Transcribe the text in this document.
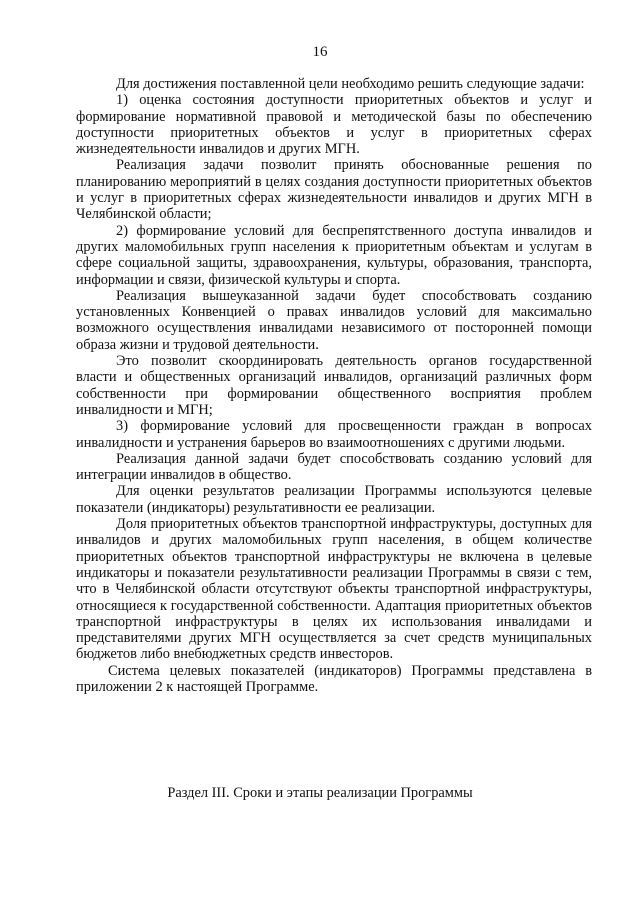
16

Для достижения поставленной цели необходимо решить следующие задачи:

1) оценка состояния доступности приоритетных объектов и услуг и формирование нормативной правовой и методической базы по обеспечению доступности приоритетных объектов и услуг в приоритетных сферах жизнедеятельности инвалидов и других МГН.

Реализация задачи позволит принять обоснованные решения по планированию мероприятий в целях создания доступности приоритетных объектов и услуг в приоритетных сферах жизнедеятельности инвалидов и других МГН в Челябинской области;

2) формирование условий для беспрепятственного доступа инвалидов и других маломобильных групп населения к приоритетным объектам и услугам в сфере социальной защиты, здравоохранения, культуры, образования, транспорта, информации и связи, физической культуры и спорта.

Реализация вышеуказанной задачи будет способствовать созданию установленных Конвенцией о правах инвалидов условий для максимально возможного осуществления инвалидами независимого от посторонней помощи образа жизни и трудовой деятельности.

Это позволит скоординировать деятельность органов государственной власти и общественных организаций инвалидов, организаций различных форм собственности при формировании общественного восприятия проблем инвалидности и МГН;

3) формирование условий для просвещенности граждан в вопросах инвалидности и устранения барьеров во взаимоотношениях с другими людьми.

Реализация данной задачи будет способствовать созданию условий для интеграции инвалидов в общество.

Для оценки результатов реализации Программы используются целевые показатели (индикаторы) результативности ее реализации.

Доля приоритетных объектов транспортной инфраструктуры, доступных для инвалидов и других маломобильных групп населения, в общем количестве приоритетных объектов транспортной инфраструктуры не включена в целевые индикаторы и показатели результативности реализации Программы в связи с тем, что в Челябинской области отсутствуют объекты транспортной инфраструктуры, относящиеся к государственной собственности. Адаптация приоритетных объектов транспортной инфраструктуры в целях их использования инвалидами и представителями других МГН осуществляется за счет средств муниципальных бюджетов либо внебюджетных средств инвесторов.

Система целевых показателей (индикаторов) Программы представлена в приложении 2 к настоящей Программе.

Раздел III. Сроки и этапы реализации Программы
